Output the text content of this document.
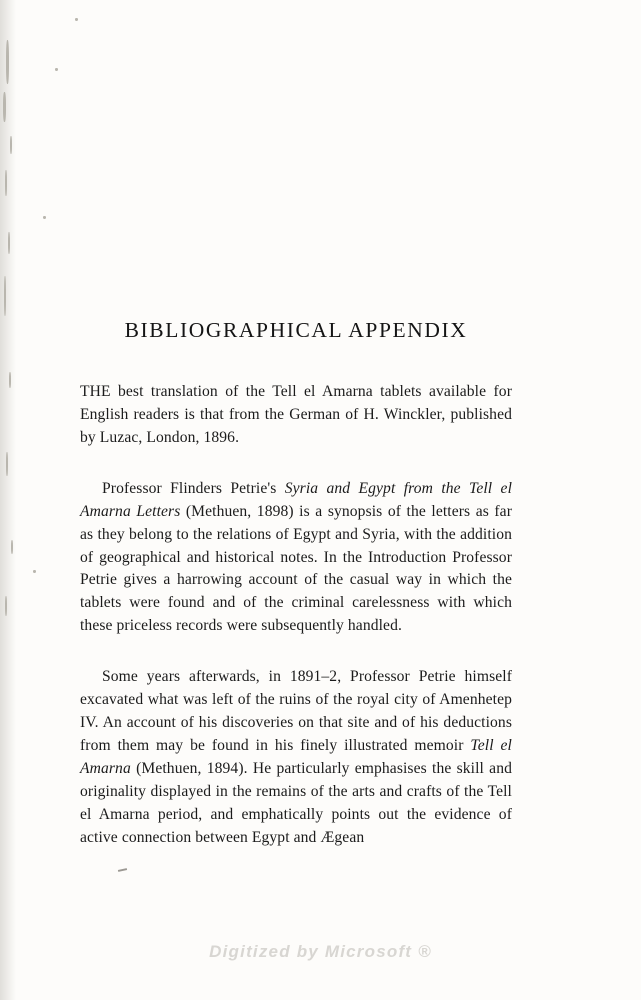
BIBLIOGRAPHICAL APPENDIX

THE best translation of the Tell el Amarna tablets available for English readers is that from the German of H. Winckler, published by Luzac, London, 1896.

Professor Flinders Petrie's Syria and Egypt from the Tell el Amarna Letters (Methuen, 1898) is a synopsis of the letters as far as they belong to the relations of Egypt and Syria, with the addition of geographical and historical notes. In the Introduction Professor Petrie gives a harrowing account of the casual way in which the tablets were found and of the criminal carelessness with which these priceless records were subsequently handled.

Some years afterwards, in 1891–2, Professor Petrie himself excavated what was left of the ruins of the royal city of Amenhetep IV. An account of his discoveries on that site and of his deductions from them may be found in his finely illustrated memoir Tell el Amarna (Methuen, 1894). He particularly emphasises the skill and originality displayed in the remains of the arts and crafts of the Tell el Amarna period, and emphatically points out the evidence of active connection between Egypt and Ægean

Digitized by Microsoft ®
